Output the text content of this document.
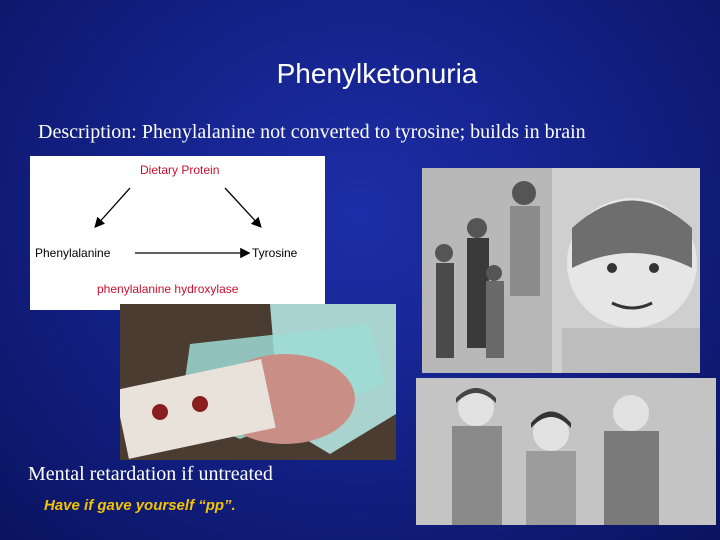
Phenylketonuria
Description: Phenylalanine not converted to tyrosine; builds in brain
Dietary Protein
Phenylalanine	Tyrosine
phenylalanine hydroxylase
Mental retardation if untreated
Have if gave yourself “pp”.
